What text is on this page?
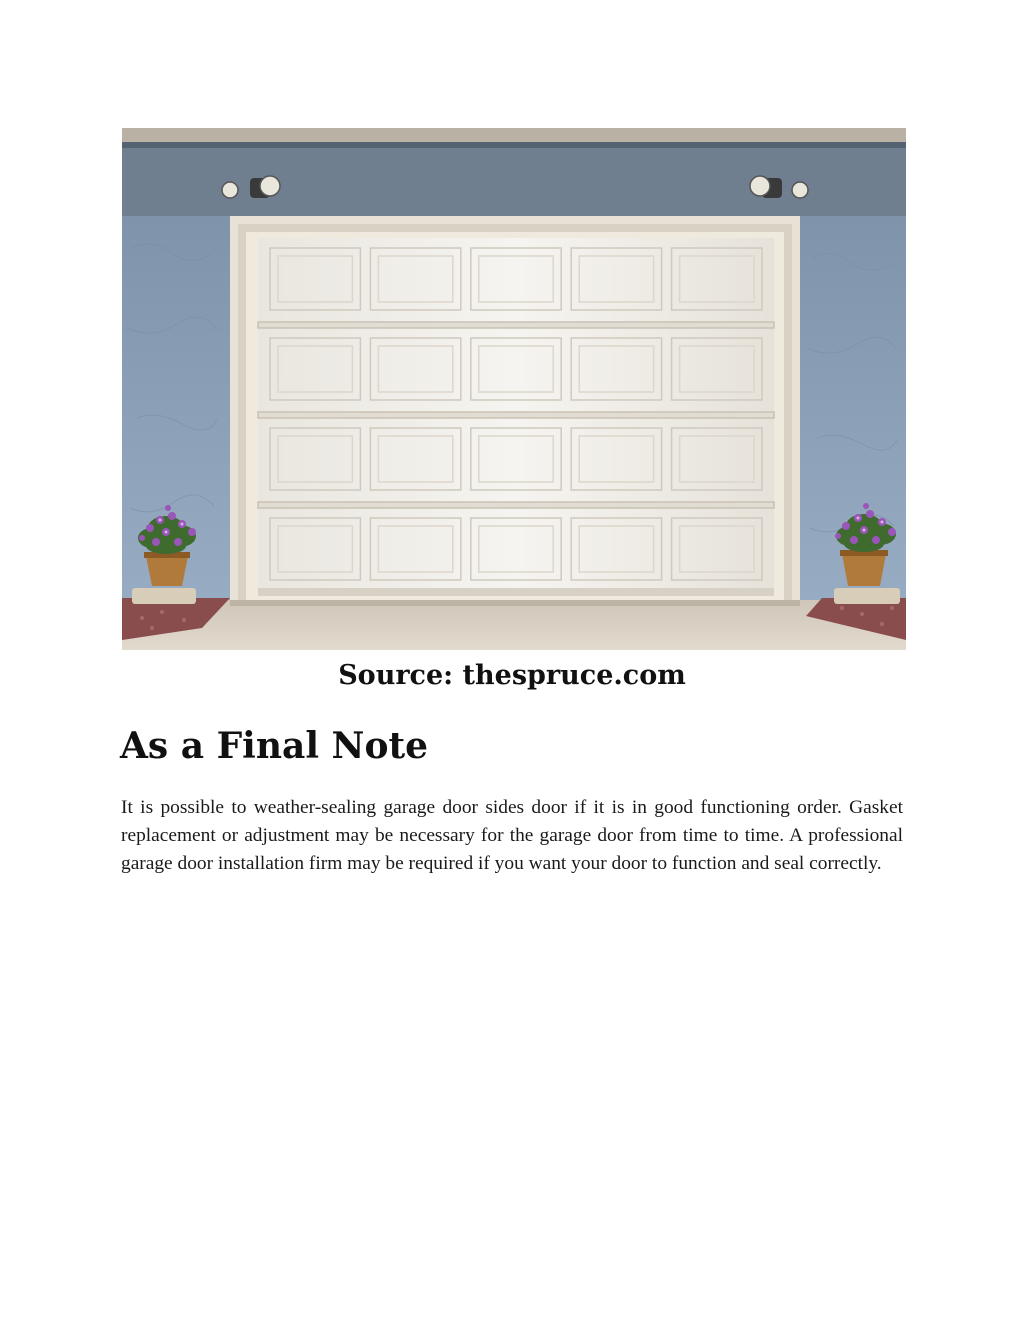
Source: thespruce.com

As a Final Note

It is possible to weather-sealing garage door sides door if it is in good functioning order. Gasket replacement or adjustment may be necessary for the garage door from time to time. A professional garage door installation firm may be required if you want your door to function and seal correctly.
